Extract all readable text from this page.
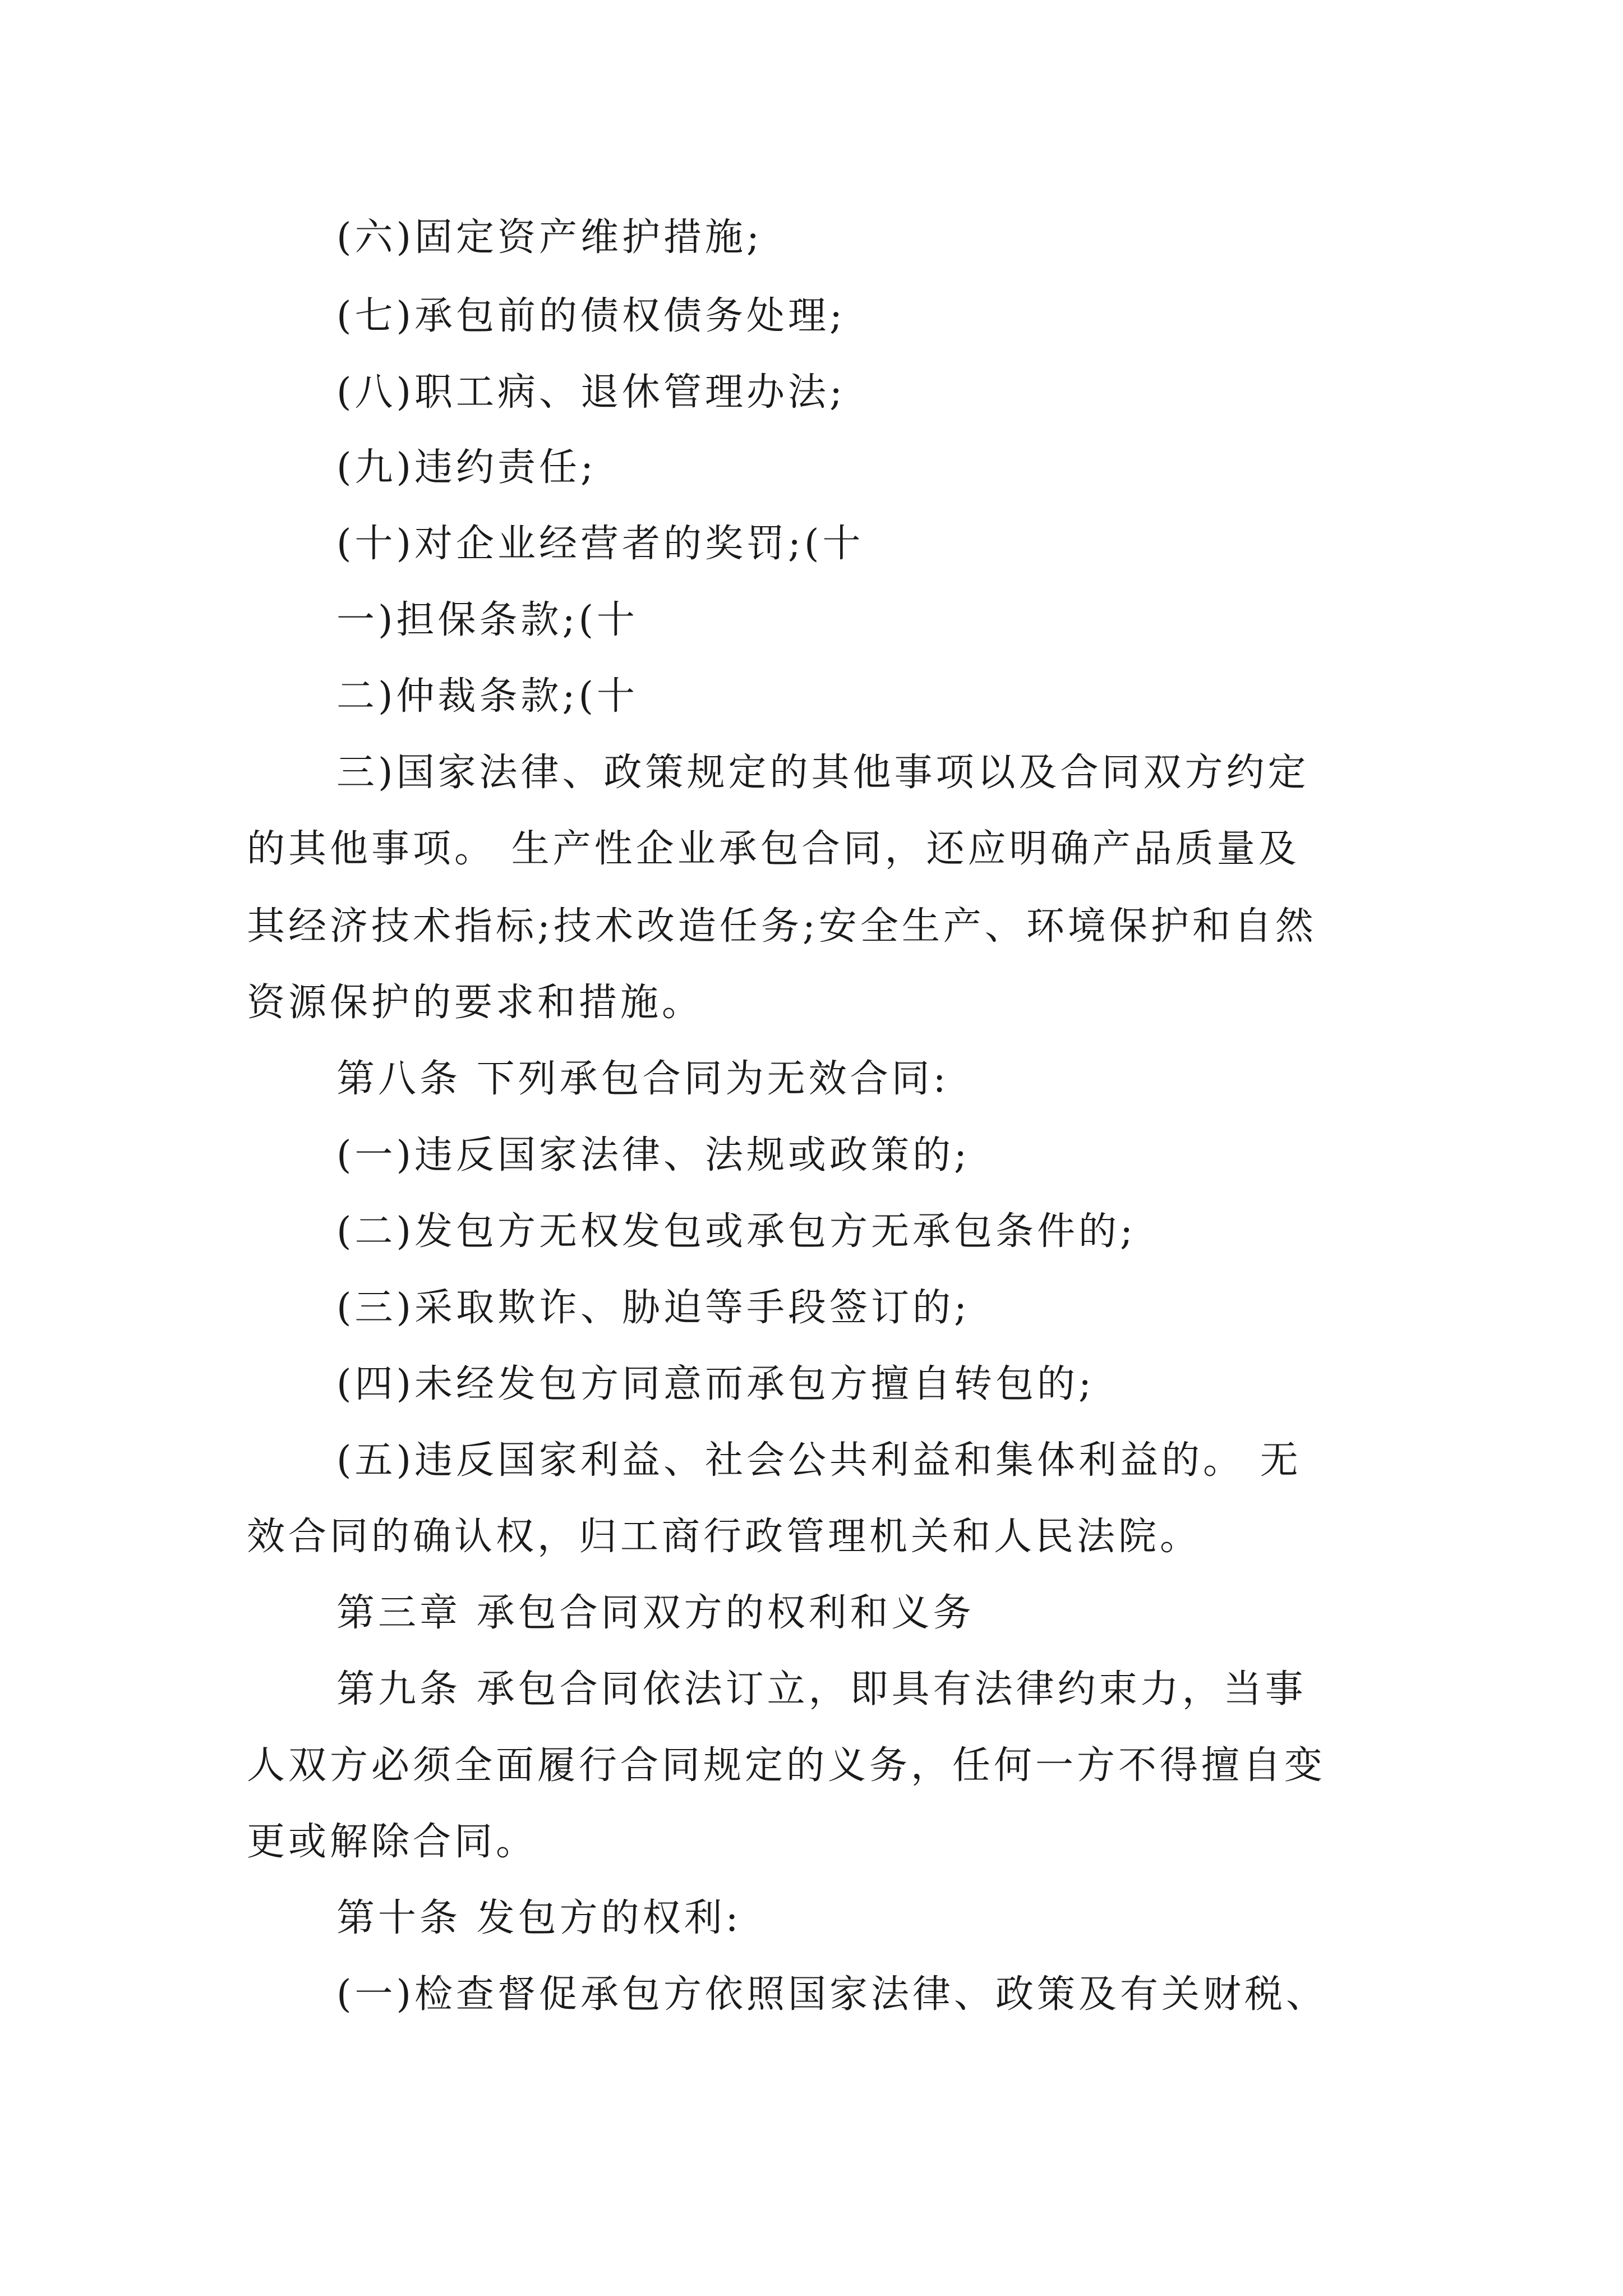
(六)固定资产维护措施;
(七)承包前的债权债务处理;
(八)职工病、退休管理办法;
(九)违约责任;
(十)对企业经营者的奖罚;(十
一)担保条款;(十
二)仲裁条款;(十
三)国家法律、政策规定的其他事项以及合同双方约定
的其他事项。 生产性企业承包合同，还应明确产品质量及
其经济技术指标;技术改造任务;安全生产、环境保护和自然
资源保护的要求和措施。
第八条 下列承包合同为无效合同:
(一)违反国家法律、法规或政策的;
(二)发包方无权发包或承包方无承包条件的;
(三)采取欺诈、胁迫等手段签订的;
(四)未经发包方同意而承包方擅自转包的;
(五)违反国家利益、社会公共利益和集体利益的。 无
效合同的确认权，归工商行政管理机关和人民法院。
第三章 承包合同双方的权利和义务
第九条 承包合同依法订立，即具有法律约束力，当事
人双方必须全面履行合同规定的义务，任何一方不得擅自变
更或解除合同。
第十条 发包方的权利:
(一)检查督促承包方依照国家法律、政策及有关财税、
